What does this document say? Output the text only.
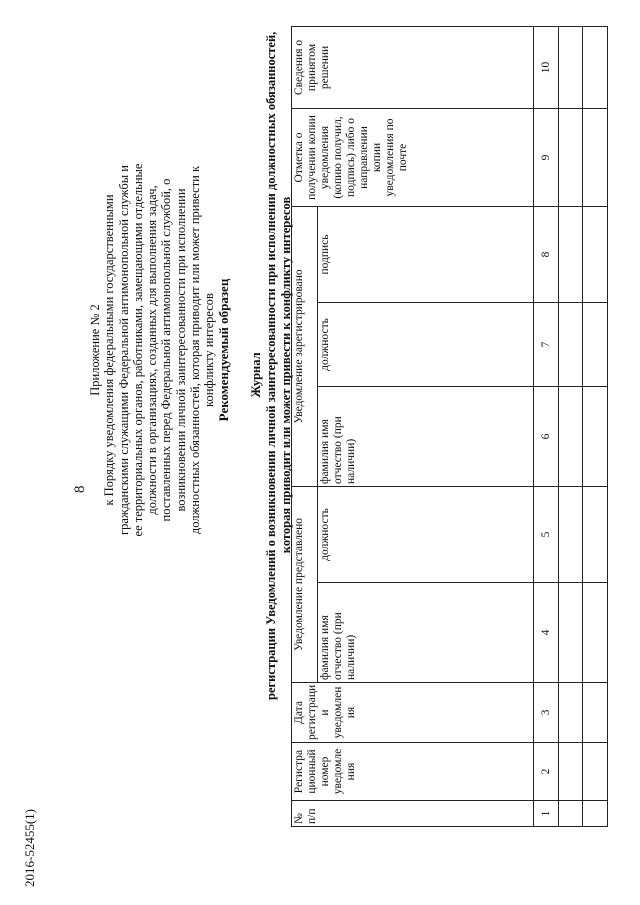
8
Приложение № 2 к Порядку уведомления федеральными государственными гражданскими служащими Федеральной антимонопольной службы и ее территориальных органов, работниками, замещающими отдельные должности в организациях, созданных для выполнения задач, поставленных перед Федеральной антимонопольной службой, о возникновении личной заинтересованности при исполнении должностных обязанностей, которая приводит или может привести к конфликту интересов Рекомендуемый образец Журнал регистрации Уведомлений о возникновении личной заинтересованности при исполнении должностных обязанностей, которая приводит или может привести к конфликту интересов
№ п/п	Регистра ционный номер уведомле ния	Дата регистраци и уведомлен ия	Уведомление представлено		Уведомление зарегистрировано			Отметка о получении копии уведомления (копию получил, подпись) либо о направлении копии уведомления по почте	Сведения о принятом решении
			фамилия имя отчество (при наличии)	должность	фамилия имя отчество (при наличии)	должность	подпись		
1	2	3	4	5	6	7	8	9	10

2016-52455(1)
